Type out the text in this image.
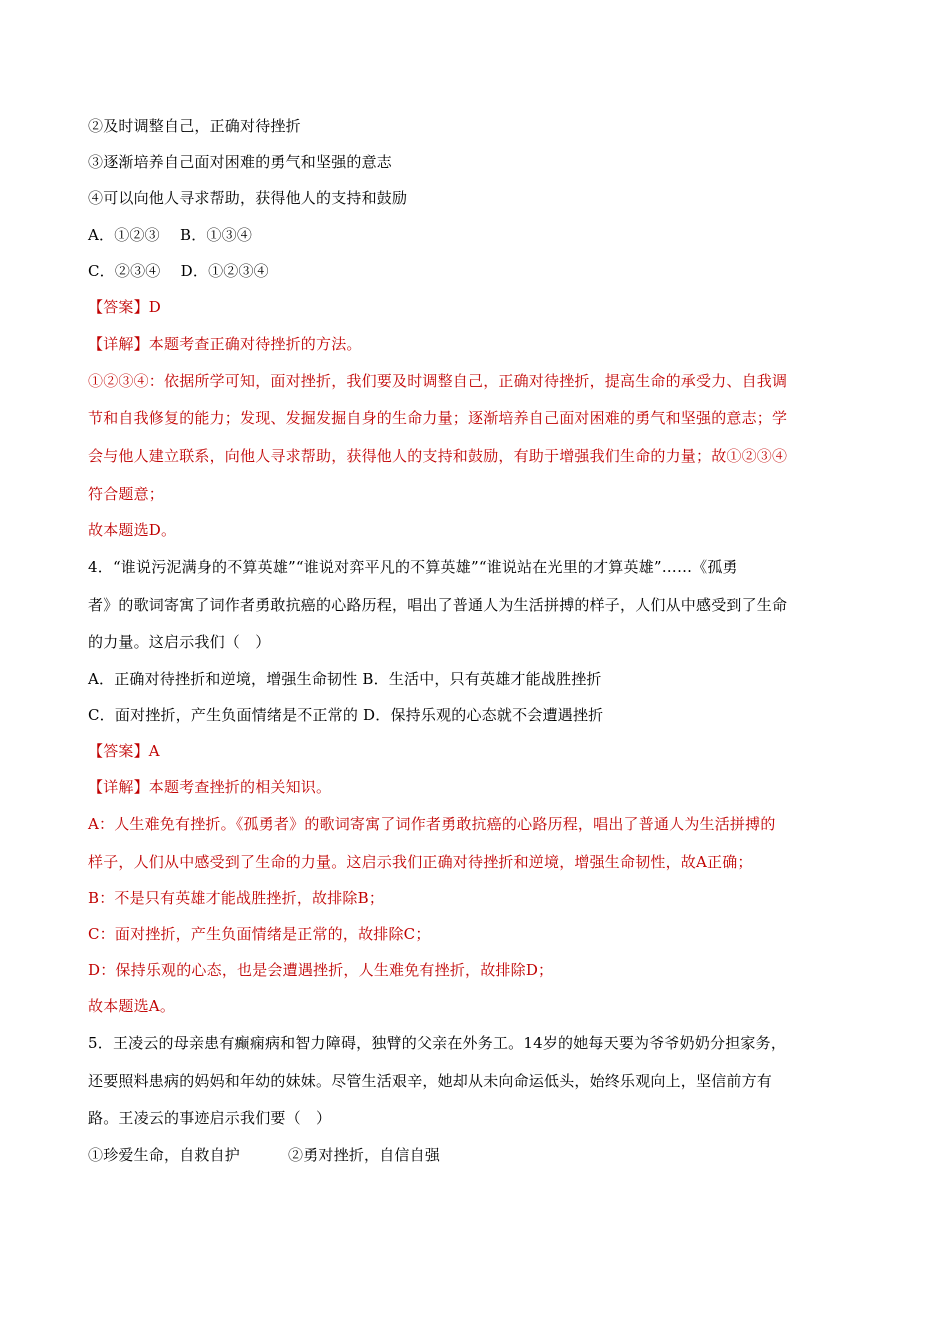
②及时调整自己，正确对待挫折
③逐渐培养自己面对困难的勇气和坚强的意志
④可以向他人寻求帮助，获得他人的支持和鼓励
A．①②③　 B．①③④
C．②③④　 D．①②③④
【答案】D
【详解】本题考查正确对待挫折的方法。
①②③④：依据所学可知，面对挫折，我们要及时调整自己，正确对待挫折，提高生命的承受力、自我调
节和自我修复的能力；发现、发掘发掘自身的生命力量；逐渐培养自己面对困难的勇气和坚强的意志；学
会与他人建立联系，向他人寻求帮助，获得他人的支持和鼓励，有助于增强我们生命的力量；故①②③④
符合题意；
故本题选D。
4．“谁说污泥满身的不算英雄”“谁说对弈平凡的不算英雄”“谁说站在光里的才算英雄”……《孤勇
者》的歌词寄寓了词作者勇敢抗癌的心路历程，唱出了普通人为生活拼搏的样子，人们从中感受到了生命
的力量。这启示我们（　）
A．正确对待挫折和逆境，增强生命韧性 B．生活中，只有英雄才能战胜挫折
C．面对挫折，产生负面情绪是不正常的 D．保持乐观的心态就不会遭遇挫折
【答案】A
【详解】本题考查挫折的相关知识。
A：人生难免有挫折。《孤勇者》的歌词寄寓了词作者勇敢抗癌的心路历程，唱出了普通人为生活拼搏的
样子，人们从中感受到了生命的力量。这启示我们正确对待挫折和逆境，增强生命韧性，故A正确；
B：不是只有英雄才能战胜挫折，故排除B；
C：面对挫折，产生负面情绪是正常的，故排除C；
D：保持乐观的心态，也是会遭遇挫折，人生难免有挫折，故排除D；
故本题选A。
5．王凌云的母亲患有癫痫病和智力障碍，独臂的父亲在外务工。14岁的她每天要为爷爷奶奶分担家务，
还要照料患病的妈妈和年幼的妹妹。尽管生活艰辛，她却从未向命运低头，始终乐观向上，坚信前方有
路。王凌云的事迹启示我们要（　）
①珍爱生命，自救自护	②勇对挫折，自信自强
